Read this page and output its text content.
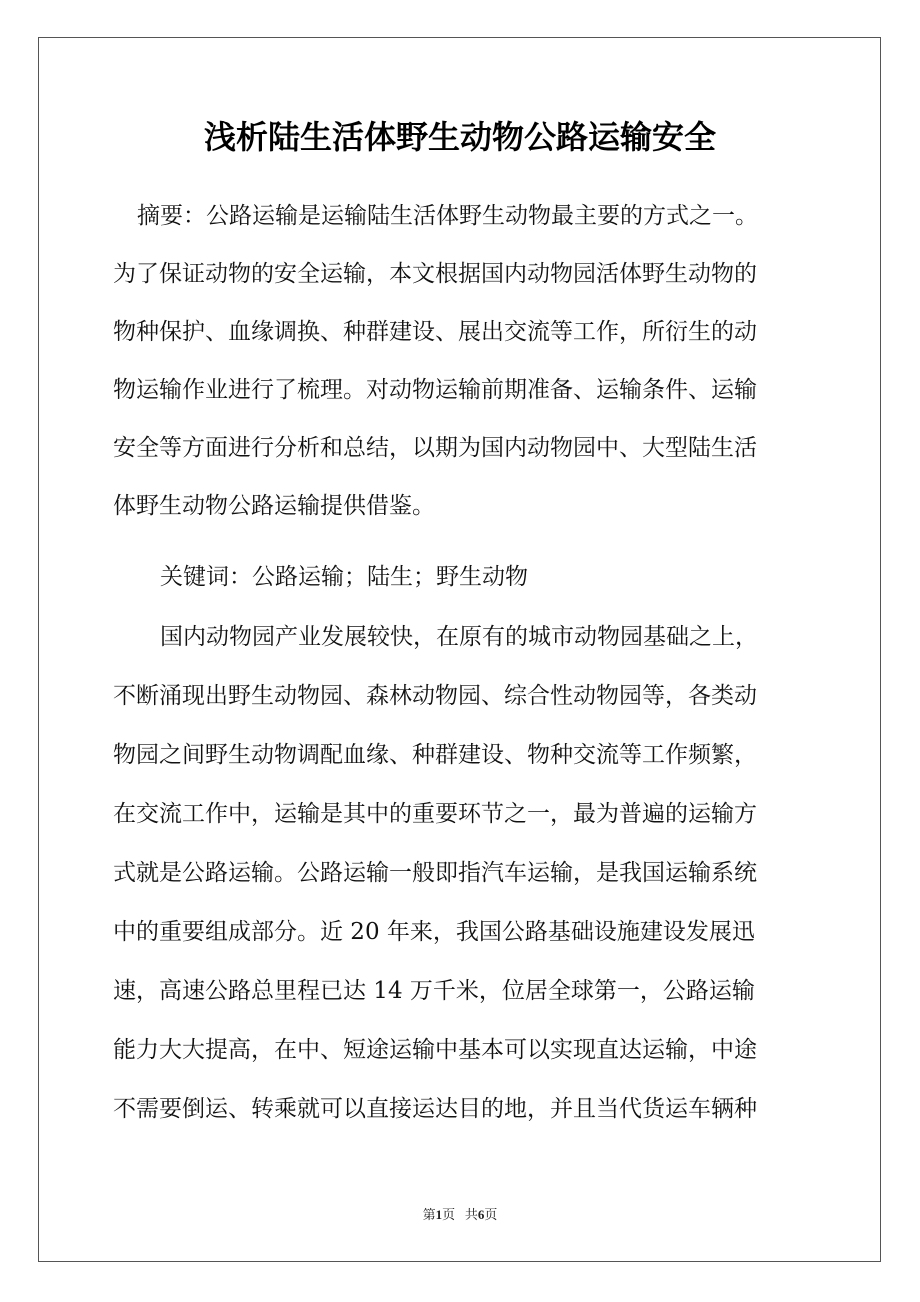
浅析陆生活体野生动物公路运输安全
摘要：公路运输是运输陆生活体野生动物最主要的方式之一。
为了保证动物的安全运输，本文根据国内动物园活体野生动物的
物种保护、血缘调换、种群建设、展出交流等工作，所衍生的动
物运输作业进行了梳理。对动物运输前期准备、运输条件、运输
安全等方面进行分析和总结，以期为国内动物园中、大型陆生活
体野生动物公路运输提供借鉴。
关键词：公路运输；陆生；野生动物
国内动物园产业发展较快，在原有的城市动物园基础之上，
不断涌现出野生动物园、森林动物园、综合性动物园等，各类动
物园之间野生动物调配血缘、种群建设、物种交流等工作频繁，
在交流工作中，运输是其中的重要环节之一，最为普遍的运输方
式就是公路运输。公路运输一般即指汽车运输，是我国运输系统
中的重要组成部分。近 20 年来，我国公路基础设施建设发展迅
速，高速公路总里程已达 14 万千米，位居全球第一，公路运输
能力大大提高，在中、短途运输中基本可以实现直达运输，中途
不需要倒运、转乘就可以直接运达目的地，并且当代货运车辆种
第1页 共6页
